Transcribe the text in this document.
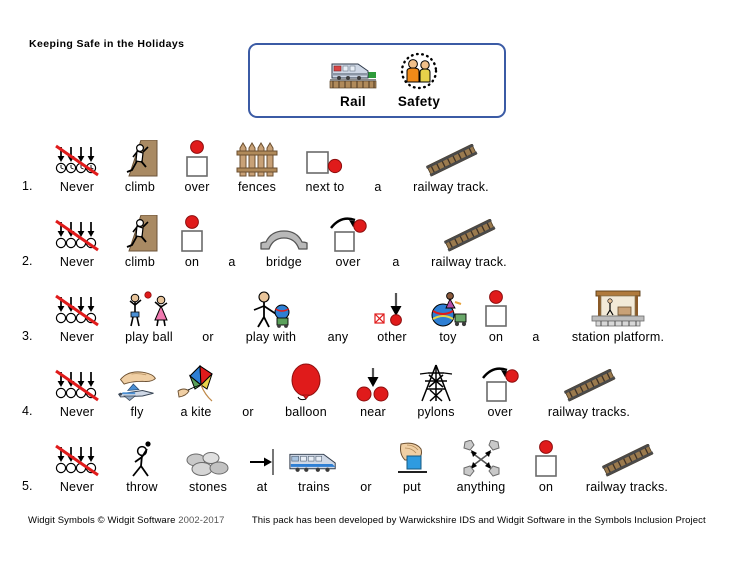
Keeping Safe in the Holidays
Rail Safety
1.	Never climb over fences next to a	railway track.
2.	Never climb on a bridge	over	a	railway track.
3.	Never play ball or	play with	any other	toy	on a	station platform.
4.	Never	fly	a kite or	balloon	near	pylons	over	railway tracks.
5.	Never	throw stones at trains or	put	anything	on	railway tracks.
Widgit Symbols © Widgit Software 2002-2017	This pack has been developed by Warwickshire IDS and Widgit Software in the Symbols Inclusion Project
